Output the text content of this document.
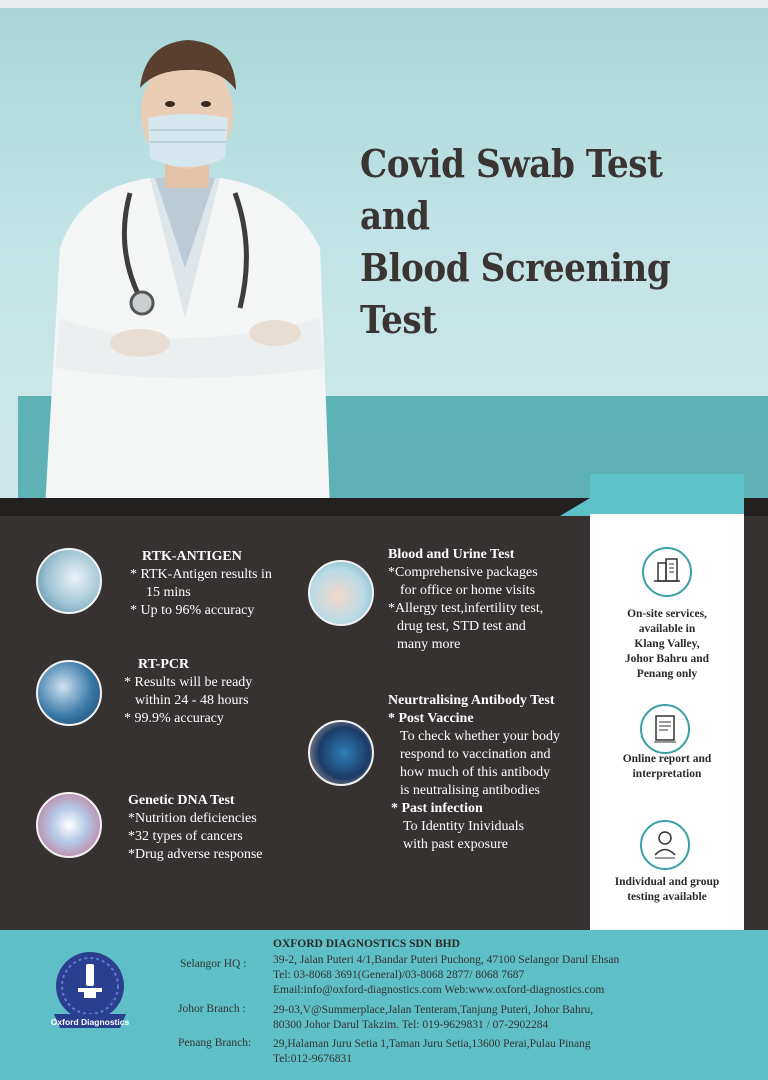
Covid Swab Test and
Blood Screening Test
RTK-ANTIGEN
* RTK-Antigen results in
15 mins
* Up to 96% accuracy
RT-PCR
* Results will be ready
within 24 - 48 hours
* 99.9% accuracy
Genetic DNA Test
*Nutrition deficiencies
*32 types of cancers
*Drug adverse response
Blood and Urine Test
*Comprehensive packages
for office or home visits
*Allergy test,infertility test,
drug test, STD test and
many more
Neurtralising Antibody Test
* Post Vaccine
To check whether your body
respond to vaccination and
how much of this antibody
is neutralising antibodies
* Past infection
To Identity Inividuals
with past exposure
On-site services,
available in
Klang Valley,
Johor Bahru and
Penang only
Online report and
interpretation
Individual and group
testing available
Oxford Diagnostics
OXFORD DIAGNOSTICS SDN BHD
Selangor HQ : 39-2, Jalan Puteri 4/1,Bandar Puteri Puchong, 47100 Selangor Darul Ehsan
Tel: 03-8068 3691(General)/03-8068 2877/ 8068 7687
Email:info@oxford-diagnostics.com Web:www.oxford-diagnostics.com
Johor Branch : 29-03,V@Summerplace,Jalan Tenteram,Tanjung Puteri, Johor Bahru,
80300 Johor Darul Takzim. Tel: 019-9629831 / 07-2902284
Penang Branch: 29,Halaman Juru Setia 1,Taman Juru Setia,13600 Perai,Pulau Pinang
Tel:012-9676831
